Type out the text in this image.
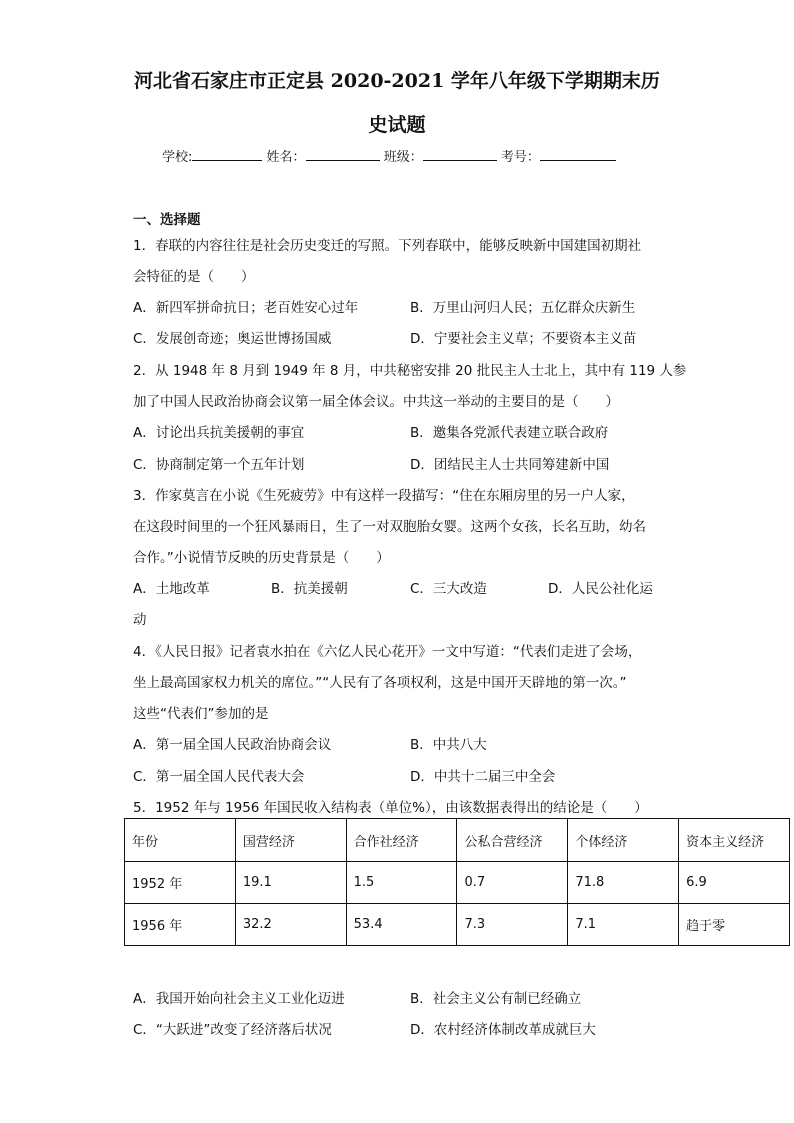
河北省石家庄市正定县 2020-2021 学年八年级下学期期末历
史试题
学校:	姓名：	班级：	考号：
一、选择题
1．春联的内容往往是社会历史变迁的写照。下列春联中，能够反映新中国建国初期社
会特征的是（　　）
A．新四军拼命抗日；老百姓安心过年	B．万里山河归人民；五亿群众庆新生
C．发展创奇迹；奥运世博扬国威	D．宁要社会主义草；不要资本主义苗
2．从 1948 年 8 月到 1949 年 8 月，中共秘密安排 20 批民主人士北上，其中有 119 人参
加了中国人民政治协商会议第一届全体会议。中共这一举动的主要目的是（　　）
A．讨论出兵抗美援朝的事宜	B．邀集各党派代表建立联合政府
C．协商制定第一个五年计划	D．团结民主人士共同筹建新中国
3．作家莫言在小说《生死疲劳》中有这样一段描写：“住在东厢房里的另一户人家，
在这段时间里的一个狂风暴雨日，生了一对双胞胎女婴。这两个女孩，长名互助，幼名
合作。”小说情节反映的历史背景是（　　）
A．土地改革	B．抗美援朝	C．三大改造	D．人民公社化运
动
4．《人民日报》记者袁水拍在《六亿人民心花开》一文中写道：“代表们走进了会场，
坐上最高国家权力机关的席位。”“人民有了各项权利，这是中国开天辟地的第一次。”
这些“代表们”参加的是
A．第一届全国人民政治协商会议	B．中共八大
C．第一届全国人民代表大会	D．中共十二届三中全会
5．1952 年与 1956 年国民收入结构表（单位%），由该数据表得出的结论是（　　）
年份	国营经济	合作社经济	公私合营经济	个体经济	资本主义经济
1952 年	19.1	1.5	0.7	71.8	6.9
1956 年	32.2	53.4	7.3	7.1	趋于零
A．我国开始向社会主义工业化迈进	B．社会主义公有制已经确立
C．“大跃进”改变了经济落后状况	D．农村经济体制改革成就巨大
